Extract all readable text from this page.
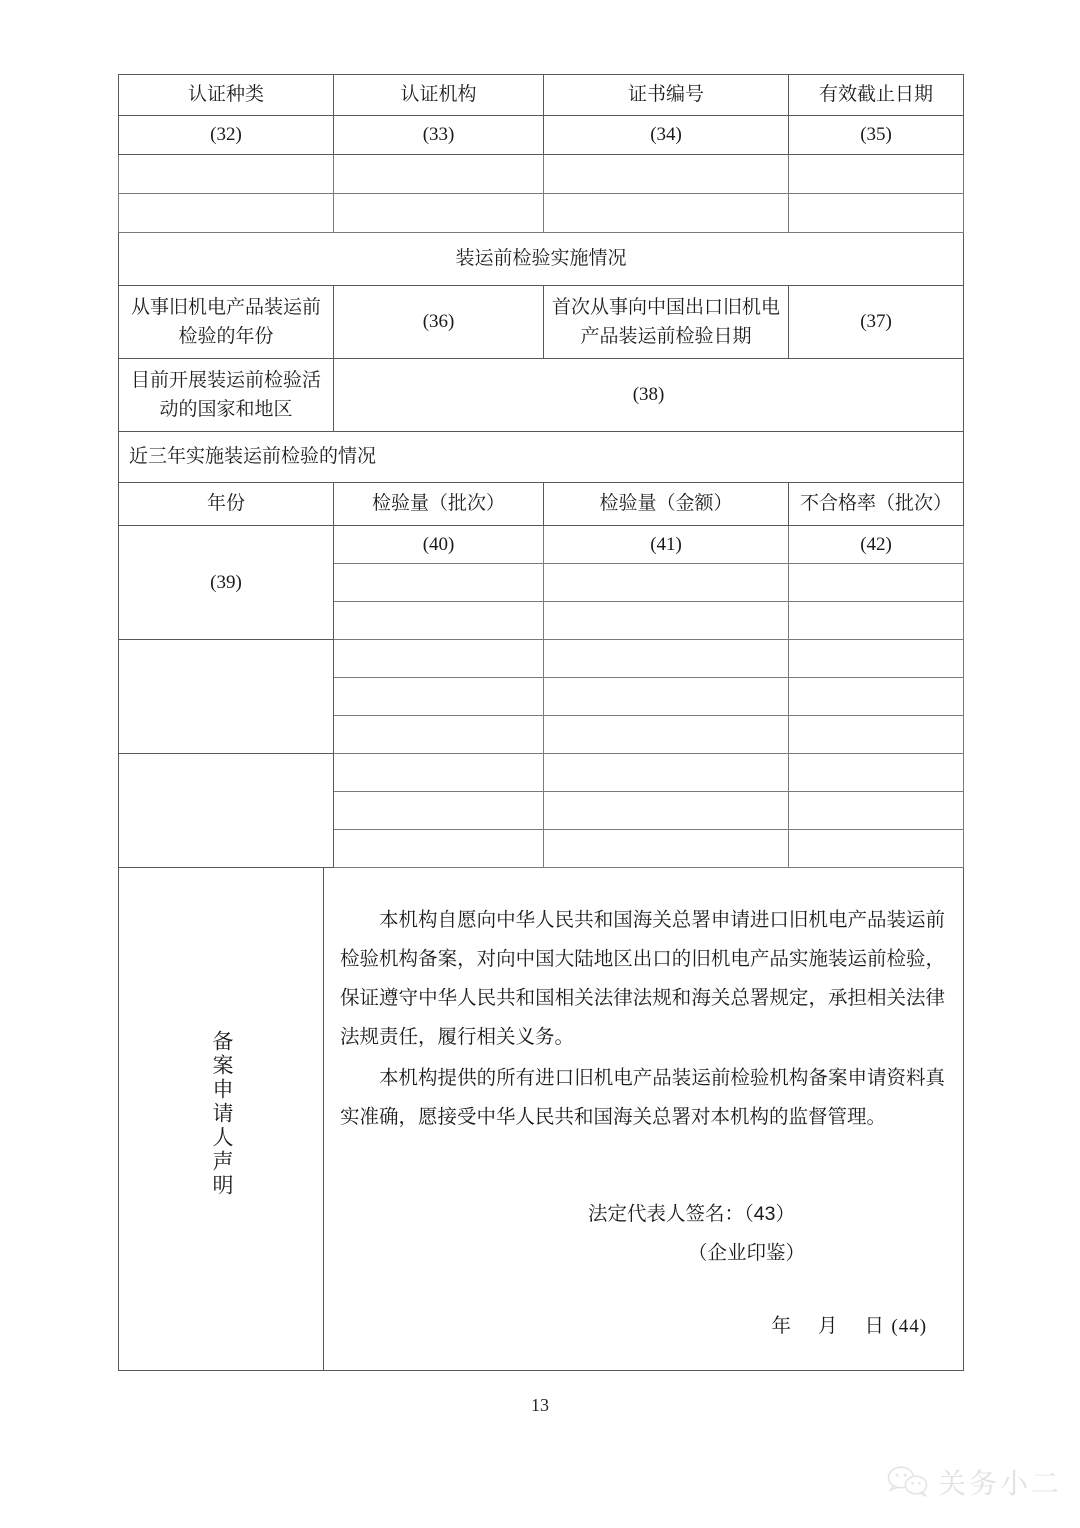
认证种类		认证机构	证书编号	有效截止日期
(32)		(33)	(34)	(35)

装运前检验实施情况				
从事旧机电产品装运前检验的年份		(36)	首次从事向中国出口旧机电产品装运前检验日期	(37)
目前开展装运前检验活动的国家和地区		(38)		
近三年实施装运前检验的情况				
年份		检验量（批次）	检验量（金额）	不合格率（批次）
(39)		(40)	(41)	(42)

备案申请人声明	本机构自愿向中华人民共和国海关总署申请进口旧机电产品装运前检验机构备案，对向中国大陆地区出口的旧机电产品实施装运前检验，保证遵守中华人民共和国相关法律法规和海关总署规定，承担相关法律法规责任，履行相关义务。

本机构提供的所有进口旧机电产品装运前检验机构备案申请资料真实准确，愿接受中华人民共和国海关总署对本机构的监督管理。

法定代表人签名：（43）
（企业印鉴）
年 月 日 (44)			
13
关务小二
